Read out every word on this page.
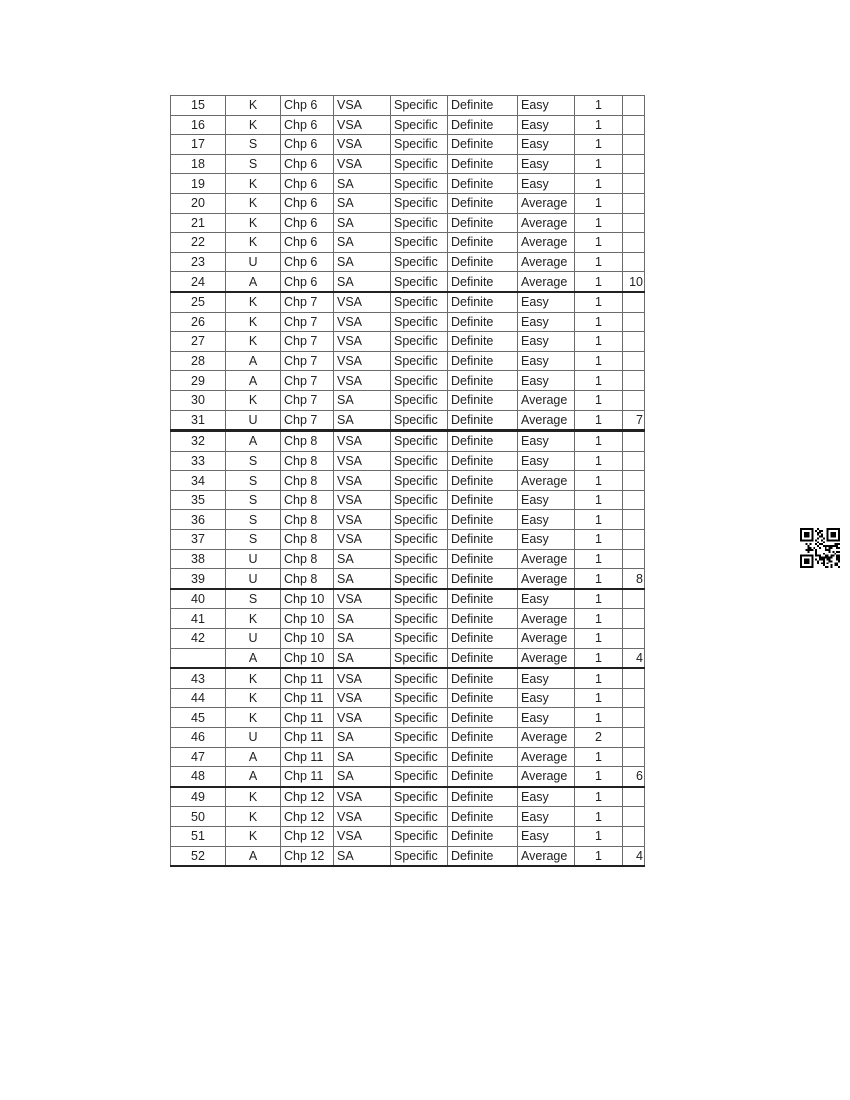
15	K	Chp 6	VSA	Specific	Definite	Easy	1	
16	K	Chp 6	VSA	Specific	Definite	Easy	1	
17	S	Chp 6	VSA	Specific	Definite	Easy	1	
18	S	Chp 6	VSA	Specific	Definite	Easy	1	
19	K	Chp 6	SA	Specific	Definite	Easy	1	
20	K	Chp 6	SA	Specific	Definite	Average	1	
21	K	Chp 6	SA	Specific	Definite	Average	1	
22	K	Chp 6	SA	Specific	Definite	Average	1	
23	U	Chp 6	SA	Specific	Definite	Average	1	
24	A	Chp 6	SA	Specific	Definite	Average	1	10
25	K	Chp 7	VSA	Specific	Definite	Easy	1	
26	K	Chp 7	VSA	Specific	Definite	Easy	1	
27	K	Chp 7	VSA	Specific	Definite	Easy	1	
28	A	Chp 7	VSA	Specific	Definite	Easy	1	
29	A	Chp 7	VSA	Specific	Definite	Easy	1	
30	K	Chp 7	SA	Specific	Definite	Average	1	
31	U	Chp 7	SA	Specific	Definite	Average	1	7
32	A	Chp 8	VSA	Specific	Definite	Easy	1	
33	S	Chp 8	VSA	Specific	Definite	Easy	1	
34	S	Chp 8	VSA	Specific	Definite	Average	1	
35	S	Chp 8	VSA	Specific	Definite	Easy	1	
36	S	Chp 8	VSA	Specific	Definite	Easy	1	
37	S	Chp 8	VSA	Specific	Definite	Easy	1	
38	U	Chp 8	SA	Specific	Definite	Average	1	
39	U	Chp 8	SA	Specific	Definite	Average	1	8
40	S	Chp 10	VSA	Specific	Definite	Easy	1	
41	K	Chp 10	SA	Specific	Definite	Average	1	
42	U	Chp 10	SA	Specific	Definite	Average	1	
	A	Chp 10	SA	Specific	Definite	Average	1	4
43	K	Chp 11	VSA	Specific	Definite	Easy	1	
44	K	Chp 11	VSA	Specific	Definite	Easy	1	
45	K	Chp 11	VSA	Specific	Definite	Easy	1	
46	U	Chp 11	SA	Specific	Definite	Average	2	
47	A	Chp 11	SA	Specific	Definite	Average	1	
48	A	Chp 11	SA	Specific	Definite	Average	1	6
49	K	Chp 12	VSA	Specific	Definite	Easy	1	
50	K	Chp 12	VSA	Specific	Definite	Easy	1	
51	K	Chp 12	VSA	Specific	Definite	Easy	1	
52	A	Chp 12	SA	Specific	Definite	Average	1	4
